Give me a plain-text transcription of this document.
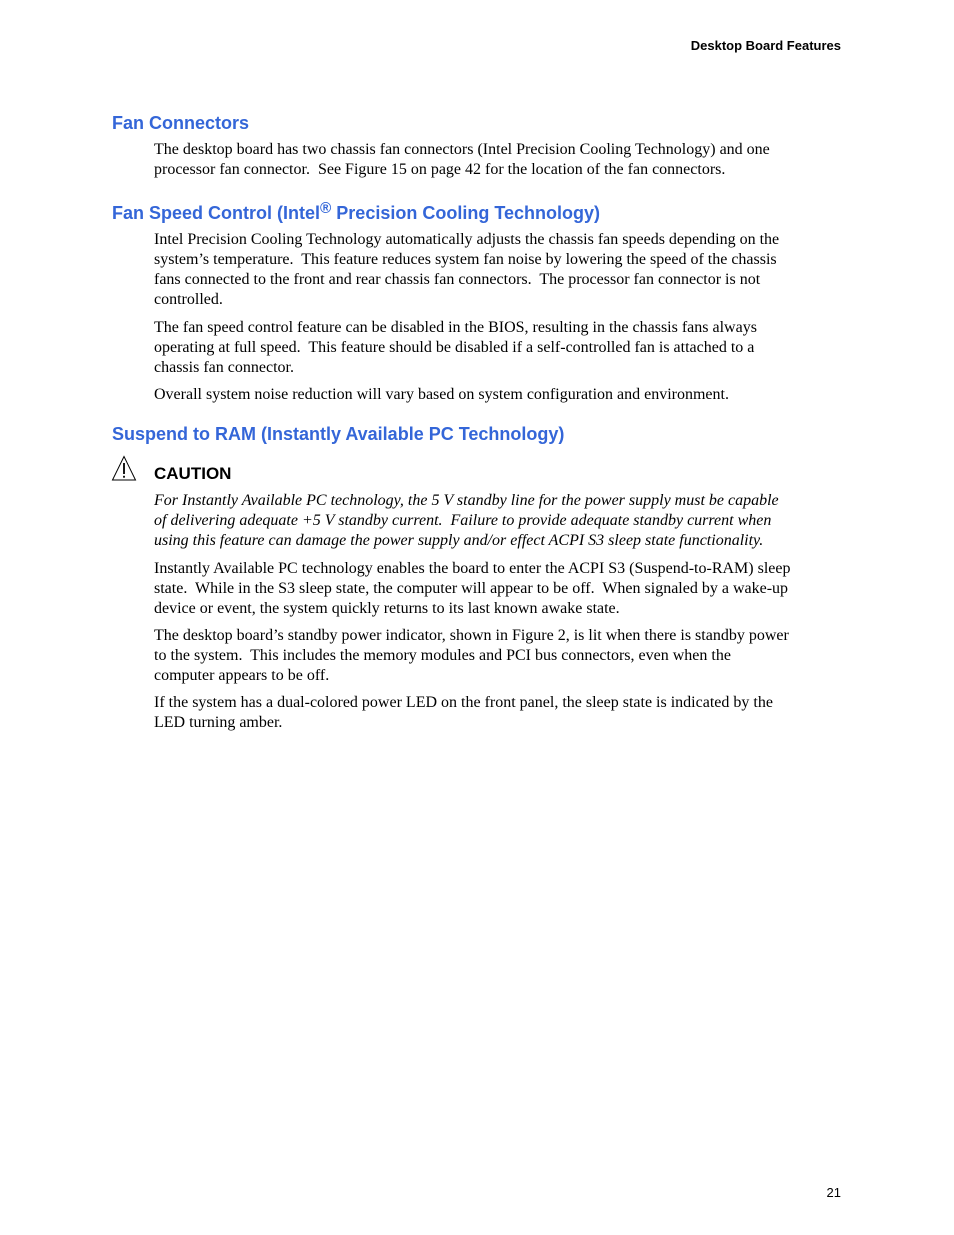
Desktop Board Features
Fan Connectors

The desktop board has two chassis fan connectors (Intel Precision Cooling Technology) and one
processor fan connector.  See Figure 15 on page 42 for the location of the fan connectors.

Fan Speed Control (Intel® Precision Cooling Technology)

Intel Precision Cooling Technology automatically adjusts the chassis fan speeds depending on the
system’s temperature.  This feature reduces system fan noise by lowering the speed of the chassis
fans connected to the front and rear chassis fan connectors.  The processor fan connector is not
controlled.

The fan speed control feature can be disabled in the BIOS, resulting in the chassis fans always
operating at full speed.  This feature should be disabled if a self-controlled fan is attached to a
chassis fan connector.

Overall system noise reduction will vary based on system configuration and environment.

Suspend to RAM (Instantly Available PC Technology)
CAUTION

For Instantly Available PC technology, the 5 V standby line for the power supply must be capable
of delivering adequate +5 V standby current.  Failure to provide adequate standby current when
using this feature can damage the power supply and/or effect ACPI S3 sleep state functionality.

Instantly Available PC technology enables the board to enter the ACPI S3 (Suspend-to-RAM) sleep
state.  While in the S3 sleep state, the computer will appear to be off.  When signaled by a wake-up
device or event, the system quickly returns to its last known awake state.

The desktop board’s standby power indicator, shown in Figure 2, is lit when there is standby power
to the system.  This includes the memory modules and PCI bus connectors, even when the
computer appears to be off.

If the system has a dual-colored power LED on the front panel, the sleep state is indicated by the
LED turning amber.

21
